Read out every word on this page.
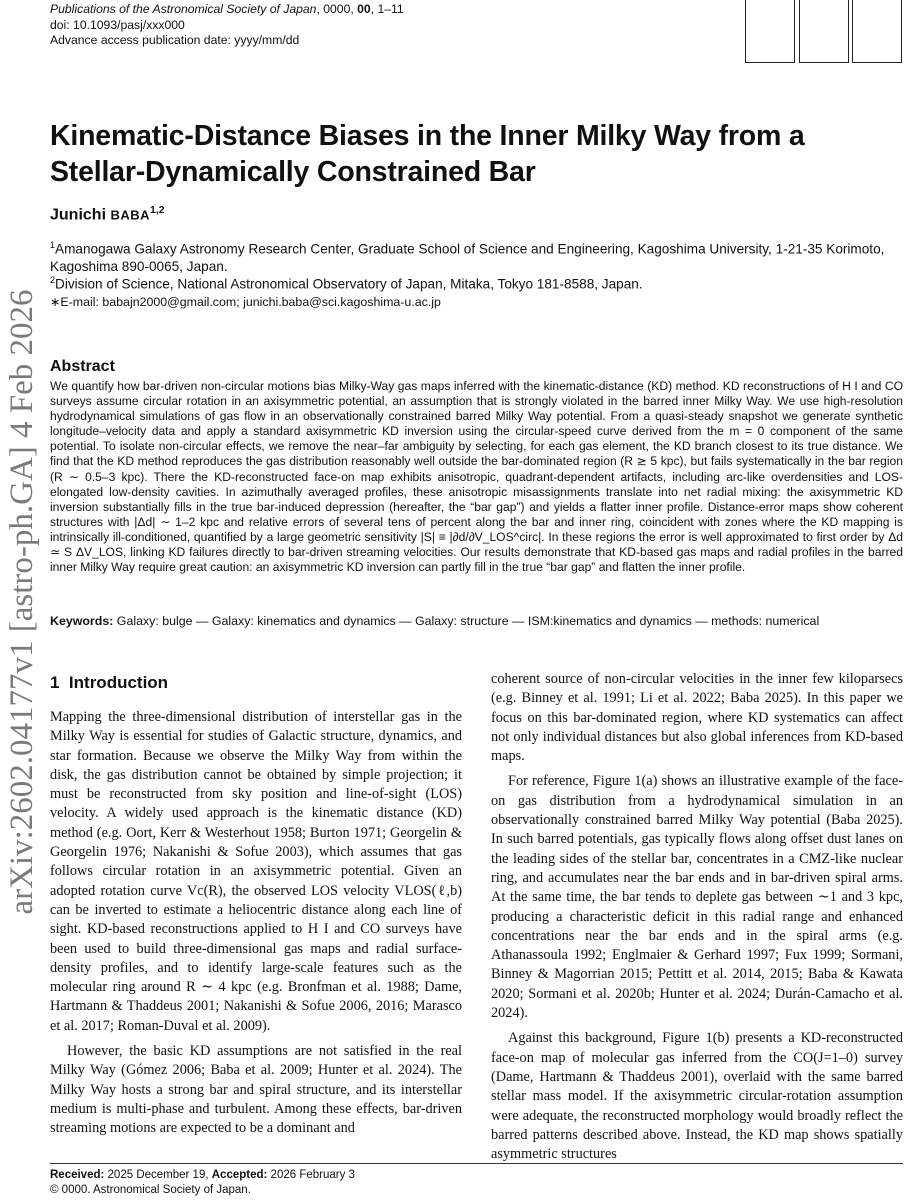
Publications of the Astronomical Society of Japan, 0000, 00, 1–11
doi: 10.1093/pasj/xxx000
Advance access publication date: yyyy/mm/dd
arXiv:2602.04177v1 [astro-ph.GA] 4 Feb 2026
Kinematic-Distance Biases in the Inner Milky Way from a Stellar-Dynamically Constrained Bar
Junichi BABA$^{1,2}$
$^1$Amanogawa Galaxy Astronomy Research Center, Graduate School of Science and Engineering, Kagoshima University, 1-21-35 Korimoto, Kagoshima 890-0065, Japan.
$^2$Division of Science, National Astronomical Observatory of Japan, Mitaka, Tokyo 181-8588, Japan.
∗E-mail: babajn2000@gmail.com; junichi.baba@sci.kagoshima-u.ac.jp
Abstract
We quantify how bar-driven non-circular motions bias Milky-Way gas maps inferred with the kinematic-distance (KD) method. KD reconstructions of H I and CO surveys assume circular rotation in an axisymmetric potential, an assumption that is strongly violated in the barred inner Milky Way. We use high-resolution hydrodynamical simulations of gas flow in an observationally constrained barred Milky Way potential. From a quasi-steady snapshot we generate synthetic longitude–velocity data and apply a standard axisymmetric KD inversion using the circular-speed curve derived from the m = 0 component of the same potential. To isolate non-circular effects, we remove the near–far ambiguity by selecting, for each gas element, the KD branch closest to its true distance. We find that the KD method reproduces the gas distribution reasonably well outside the bar-dominated region (R ≳ 5 kpc), but fails systematically in the bar region (R ∼ 0.5–3 kpc). There the KD-reconstructed face-on map exhibits anisotropic, quadrant-dependent artifacts, including arc-like overdensities and LOS-elongated low-density cavities. In azimuthally averaged profiles, these anisotropic misassignments translate into net radial mixing: the axisymmetric KD inversion substantially fills in the true bar-induced depression (hereafter, the “bar gap”) and yields a flatter inner profile. Distance-error maps show coherent structures with |Δd| ∼ 1–2 kpc and relative errors of several tens of percent along the bar and inner ring, coincident with zones where the KD mapping is intrinsically ill-conditioned, quantified by a large geometric sensitivity |S| ≡ |∂d/∂V_LOS^circ|. In these regions the error is well approximated to first order by Δd ≃ S ΔV_LOS, linking KD failures directly to bar-driven streaming velocities. Our results demonstrate that KD-based gas maps and radial profiles in the barred inner Milky Way require great caution: an axisymmetric KD inversion can partly fill in the true “bar gap” and flatten the inner profile.
Keywords: Galaxy: bulge — Galaxy: kinematics and dynamics — Galaxy: structure — ISM:kinematics and dynamics — methods: numerical
1 Introduction

Mapping the three-dimensional distribution of interstellar gas in the Milky Way is essential for studies of Galactic structure, dynamics, and star formation. Because we observe the Milky Way from within the disk, the gas distribution cannot be obtained by simple projection; it must be reconstructed from sky position and line-of-sight (LOS) velocity. A widely used approach is the kinematic distance (KD) method (e.g. Oort, Kerr & Westerhout 1958; Burton 1971; Georgelin & Georgelin 1976; Nakanishi & Sofue 2003), which assumes that gas follows circular rotation in an axisymmetric potential. Given an adopted rotation curve Vc(R), the observed LOS velocity VLOS(ℓ,b) can be inverted to estimate a heliocentric distance along each line of sight. KD-based reconstructions applied to H I and CO surveys have been used to build three-dimensional gas maps and radial surface-density profiles, and to identify large-scale features such as the molecular ring around R ∼ 4 kpc (e.g. Bronfman et al. 1988; Dame, Hartmann & Thaddeus 2001; Nakanishi & Sofue 2006, 2016; Marasco et al. 2017; Roman-Duval et al. 2009).

However, the basic KD assumptions are not satisfied in the real Milky Way (Gómez 2006; Baba et al. 2009; Hunter et al. 2024). The Milky Way hosts a strong bar and spiral structure, and its interstellar medium is multi-phase and turbulent. Among these effects, bar-driven streaming motions are expected to be a dominant and

coherent source of non-circular velocities in the inner few kiloparsecs (e.g. Binney et al. 1991; Li et al. 2022; Baba 2025). In this paper we focus on this bar-dominated region, where KD systematics can affect not only individual distances but also global inferences from KD-based maps.

For reference, Figure 1(a) shows an illustrative example of the face-on gas distribution from a hydrodynamical simulation in an observationally constrained barred Milky Way potential (Baba 2025). In such barred potentials, gas typically flows along offset dust lanes on the leading sides of the stellar bar, concentrates in a CMZ-like nuclear ring, and accumulates near the bar ends and in bar-driven spiral arms. At the same time, the bar tends to deplete gas between ∼1 and 3 kpc, producing a characteristic deficit in this radial range and enhanced concentrations near the bar ends and in the spiral arms (e.g. Athanassoula 1992; Englmaier & Gerhard 1997; Fux 1999; Sormani, Binney & Magorrian 2015; Pettitt et al. 2014, 2015; Baba & Kawata 2020; Sormani et al. 2020b; Hunter et al. 2024; Durán-Camacho et al. 2024).

Against this background, Figure 1(b) presents a KD-reconstructed face-on map of molecular gas inferred from the CO(J=1–0) survey (Dame, Hartmann & Thaddeus 2001), overlaid with the same barred stellar mass model. If the axisymmetric circular-rotation assumption were adequate, the reconstructed morphology would broadly reflect the barred patterns described above. Instead, the KD map shows spatially asymmetric structures

Received: 2025 December 19, Accepted: 2026 February 3
© 0000. Astronomical Society of Japan.
